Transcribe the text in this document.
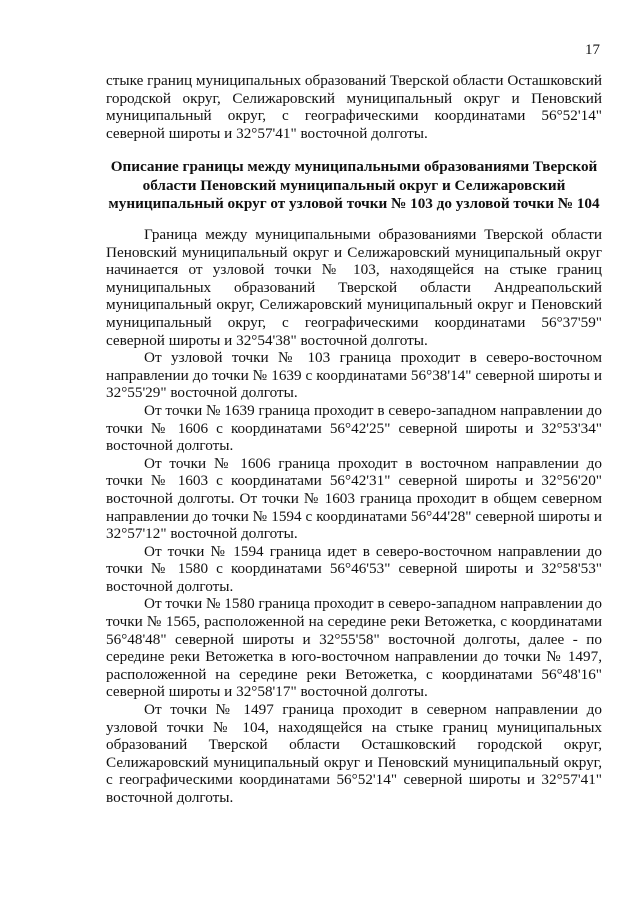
17

стыке границ муниципальных образований Тверской области Осташковский городской округ, Селижаровский муниципальный округ и Пеновский муниципальный округ, с географическими координатами 56°52'14" северной широты и 32°57'41" восточной долготы.

Описание границы между муниципальными образованиями Тверской области Пеновский муниципальный округ и Селижаровский муниципальный округ от узловой точки № 103 до узловой точки № 104

Граница между муниципальными образованиями Тверской области Пеновский муниципальный округ и Селижаровский муниципальный округ начинается от узловой точки № 103, находящейся на стыке границ муниципальных образований Тверской области Андреапольский муниципальный округ, Селижаровский муниципальный округ и Пеновский муниципальный округ, с географическими координатами 56°37'59" северной широты и 32°54'38" восточной долготы.

От узловой точки № 103 граница проходит в северо-восточном направлении до точки № 1639 с координатами 56°38'14" северной широты и 32°55'29" восточной долготы.

От точки № 1639 граница проходит в северо-западном направлении до точки № 1606 с координатами 56°42'25" северной широты и 32°53'34" восточной долготы.

От точки № 1606 граница проходит в восточном направлении до точки № 1603 с координатами 56°42'31" северной широты и 32°56'20" восточной долготы. От точки № 1603 граница проходит в общем северном направлении до точки № 1594 с координатами 56°44'28" северной широты и 32°57'12" восточной долготы.

От точки № 1594 граница идет в северо-восточном направлении до точки № 1580 с координатами 56°46'53" северной широты и 32°58'53" восточной долготы.

От точки № 1580 граница проходит в северо-западном направлении до точки № 1565, расположенной на середине реки Ветожетка, с координатами 56°48'48" северной широты и 32°55'58" восточной долготы, далее - по середине реки Ветожетка в юго-восточном направлении до точки № 1497, расположенной на середине реки Ветожетка, с координатами 56°48'16" северной широты и 32°58'17" восточной долготы.

От точки № 1497 граница проходит в северном направлении до узловой точки № 104, находящейся на стыке границ муниципальных образований Тверской области Осташковский городской округ, Селижаровский муниципальный округ и Пеновский муниципальный округ, с географическими координатами 56°52'14" северной широты и 32°57'41" восточной долготы.
